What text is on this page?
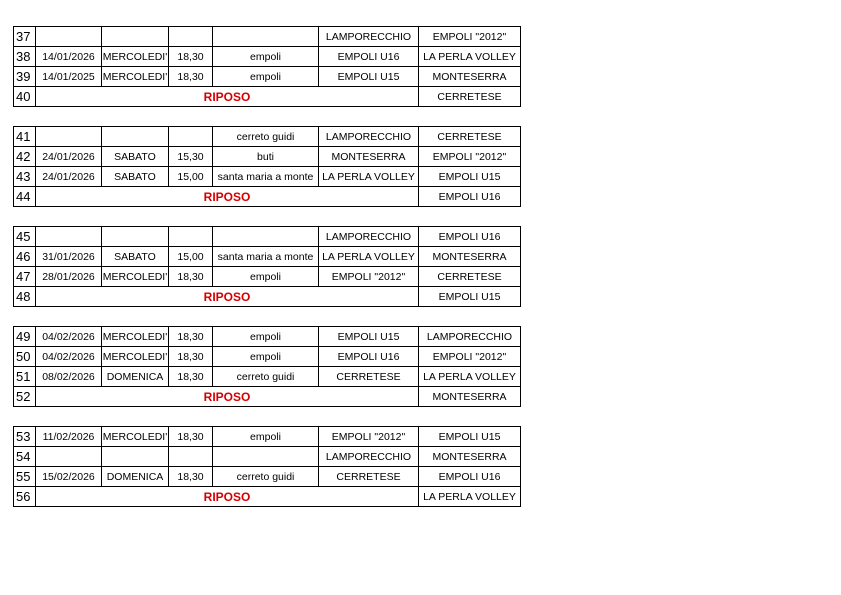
37					LAMPORECCHIO	EMPOLI "2012"
38	14/01/2026	MERCOLEDI'	18,30	empoli	EMPOLI U16	LA PERLA VOLLEY
39	14/01/2025	MERCOLEDI'	18,30	empoli	EMPOLI U15	MONTESERRA
40	RIPOSO					CERRETESE
41				cerreto guidi	LAMPORECCHIO	CERRETESE
42	24/01/2026	SABATO	15,30	buti	MONTESERRA	EMPOLI "2012"
43	24/01/2026	SABATO	15,00	santa maria a monte	LA PERLA VOLLEY	EMPOLI U15
44	RIPOSO					EMPOLI U16
45					LAMPORECCHIO	EMPOLI U16
46	31/01/2026	SABATO	15,00	santa maria a monte	LA PERLA VOLLEY	MONTESERRA
47	28/01/2026	MERCOLEDI'	18,30	empoli	EMPOLI "2012"	CERRETESE
48	RIPOSO					EMPOLI U15
49	04/02/2026	MERCOLEDI'	18,30	empoli	EMPOLI U15	LAMPORECCHIO
50	04/02/2026	MERCOLEDI'	18,30	empoli	EMPOLI U16	EMPOLI "2012"
51	08/02/2026	DOMENICA	18,30	cerreto guidi	CERRETESE	LA PERLA VOLLEY
52	RIPOSO					MONTESERRA
53	11/02/2026	MERCOLEDI'	18,30	empoli	EMPOLI "2012"	EMPOLI U15
54					LAMPORECCHIO	MONTESERRA
55	15/02/2026	DOMENICA	18,30	cerreto guidi	CERRETESE	EMPOLI U16
56	RIPOSO					LA PERLA VOLLEY
